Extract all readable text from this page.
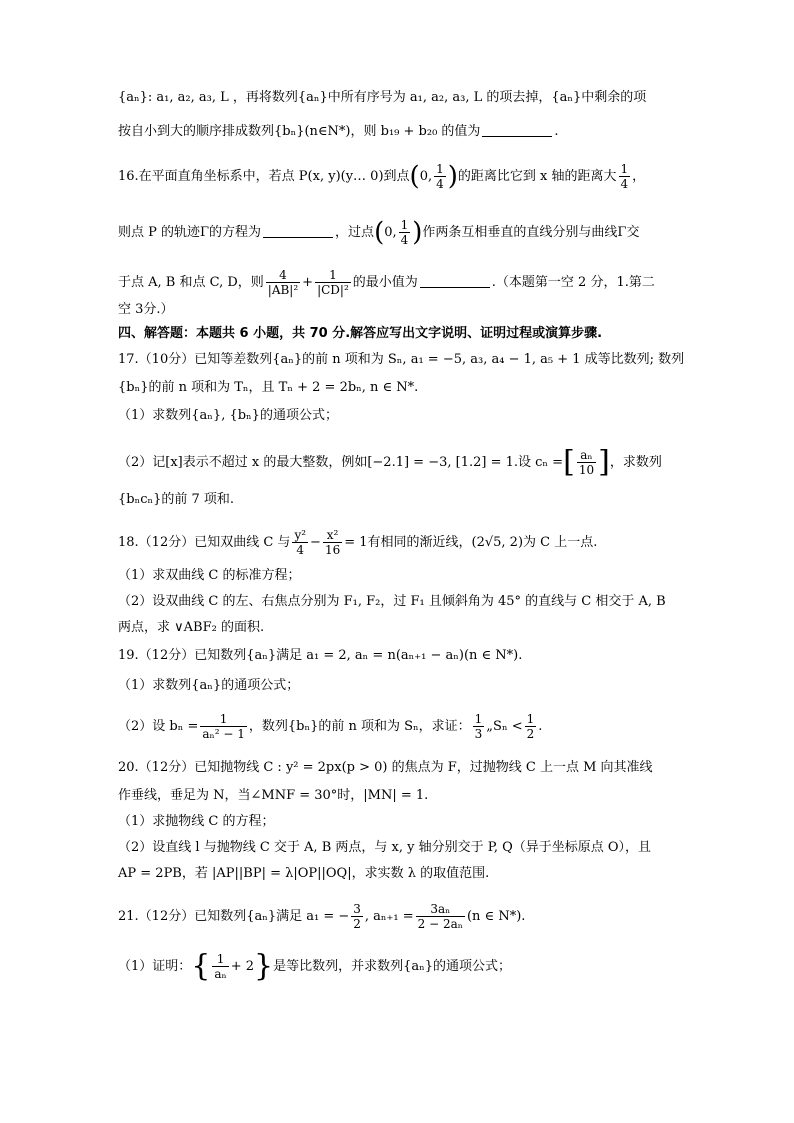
{aₙ}: a₁, a₂, a₃, L ，再将数列{aₙ}中所有序号为 a₁, a₂, a₃, L 的项去掉，{aₙ}中剩余的项
按自小到大的顺序排成数列{bₙ}(n∈N*)，则 b₁₉ + b₂₀ 的值为	.
16.在平面直角坐标系中，若点 P(x, y)(y… 0)到点(0, $\frac{1}{4}$ )的距离比它到 x 轴的距离大 $\frac{1}{4}$ ，
则点 P 的轨迹Γ的方程为	，过点(0, $\frac{1}{4}$ )作两条互相垂直的直线分别与曲线Γ交
于点 A, B 和点 C, D，则 $\frac{4}{\text{|AB|²}} + \frac{1}{\text{|CD|²}}$ 的最小值为	.（本题第一空 2 分，1.第二
空 3分.）
四、解答题：本题共 6 小题，共 70 分.解答应写出文字说明、证明过程或演算步骤.
17.（10分）已知等差数列{aₙ}的前 n 项和为 Sₙ, a₁ = −5, a₃, a₄ − 1, a₅ + 1 成等比数列; 数列
{bₙ}的前 n 项和为 Tₙ，且 Tₙ + 2 = 2bₙ, n ∈ N*.
（1）求数列{aₙ}, {bₙ}的通项公式；
（2）记[x]表示不超过 x 的最大整数，例如[−2.1] = −3, [1.2] = 1.设 cₙ =[ $\frac{\text{aₙ}}{10}$ ]，求数列
{bₙcₙ}的前 7 项和.
18.（12分）已知双曲线 C 与 $\frac{\text{y²}}{4} - \frac{\text{x²}}{16} = 1$有相同的渐近线，(2√5, 2)为 C 上一点.
（1）求双曲线 C 的标准方程；
（2）设双曲线 C 的左、右焦点分别为 F₁, F₂，过 F₁ 且倾斜角为 45° 的直线与 C 相交于 A, B
两点，求 ∨ABF₂ 的面积.
19.（12分）已知数列{aₙ}满足 a₁ = 2, aₙ = n(aₙ₊₁ − aₙ)(n ∈ N*).
（1）求数列{aₙ}的通项公式；
（2）设 $b_n = \frac{1}{\text{aₙ² − 1}}$ ，数列{bₙ}的前 n 项和为 Sₙ，求证： $\frac{1}{3}$ „Sₙ < $\frac{1}{2}$ .
20.（12分）已知抛物线 C : y² = 2px(p > 0) 的焦点为 F，过抛物线 C 上一点 M 向其准线
作垂线，垂足为 N，当∠MNF = 30°时，|MN| = 1.
（1）求抛物线 C 的方程；
（2）设直线 l 与抛物线 C 交于 A, B 两点，与 x, y 轴分别交于 P, Q（异于坐标原点 O），且
AP = 2PB，若 |AP||BP| = λ|OP||OQ|，求实数 λ 的取值范围.
21.（12分）已知数列{aₙ}满足 a₁ = − $\frac{3}{2}$ , $a_{n+1} = \frac{\text{3aₙ}}{\text{2 − 2aₙ}} (n$ ∈ N*).
（1）证明：{ $\frac{1}{\text{aₙ}} + 2$}是等比数列，并求数列{aₙ}的通项公式；
